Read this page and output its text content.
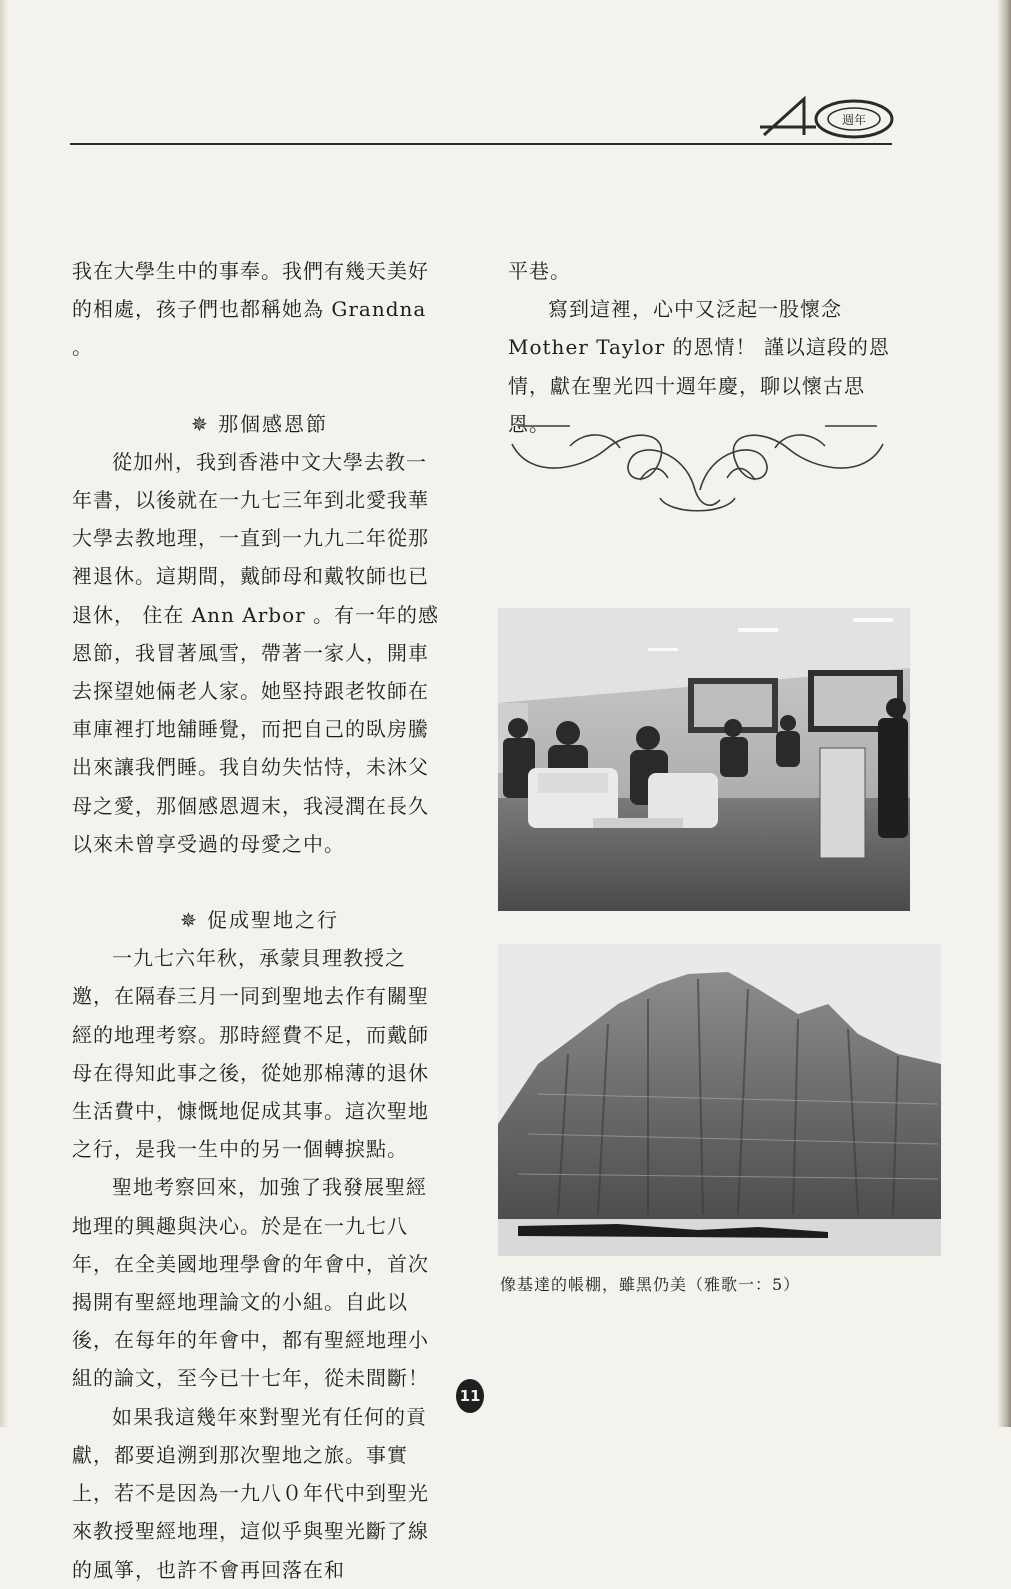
週年

我在大學生中的事奉。我們有幾天美好的相處，孩子們也都稱她為 Grandna 。

✵ 那個感恩節

從加州，我到香港中文大學去教一年書，以後就在一九七三年到北愛我華大學去教地理，一直到一九九二年從那裡退休。這期間，戴師母和戴牧師也已退休， 住在 Ann Arbor 。有一年的感恩節，我冒著風雪，帶著一家人，開車去探望她倆老人家。她堅持跟老牧師在車庫裡打地舖睡覺，而把自己的臥房騰出來讓我們睡。我自幼失怙恃，未沐父母之愛，那個感恩週末，我浸潤在長久以來未曾享受過的母愛之中。

✵ 促成聖地之行

一九七六年秋，承蒙貝理教授之邀，在隔春三月一同到聖地去作有關聖經的地理考察。那時經費不足，而戴師母在得知此事之後，從她那棉薄的退休生活費中，慷慨地促成其事。這次聖地之行，是我一生中的另一個轉捩點。

聖地考察回來，加強了我發展聖經地理的興趣與決心。於是在一九七八年，在全美國地理學會的年會中，首次揭開有聖經地理論文的小組。自此以後，在每年的年會中，都有聖經地理小組的論文，至今已十七年，從未間斷！

如果我這幾年來對聖光有任何的貢獻，都要追溯到那次聖地之旅。事實上，若不是因為一九八０年代中到聖光來教授聖經地理，這似乎與聖光斷了線的風箏，也許不會再回落在和

平巷。

寫到這裡，心中又泛起一股懷念Mother Taylor 的恩情！ 謹以這段的恩情，獻在聖光四十週年慶，聊以懷古思恩。

像基達的帳棚，雖黑仍美（雅歌一：5）
11
